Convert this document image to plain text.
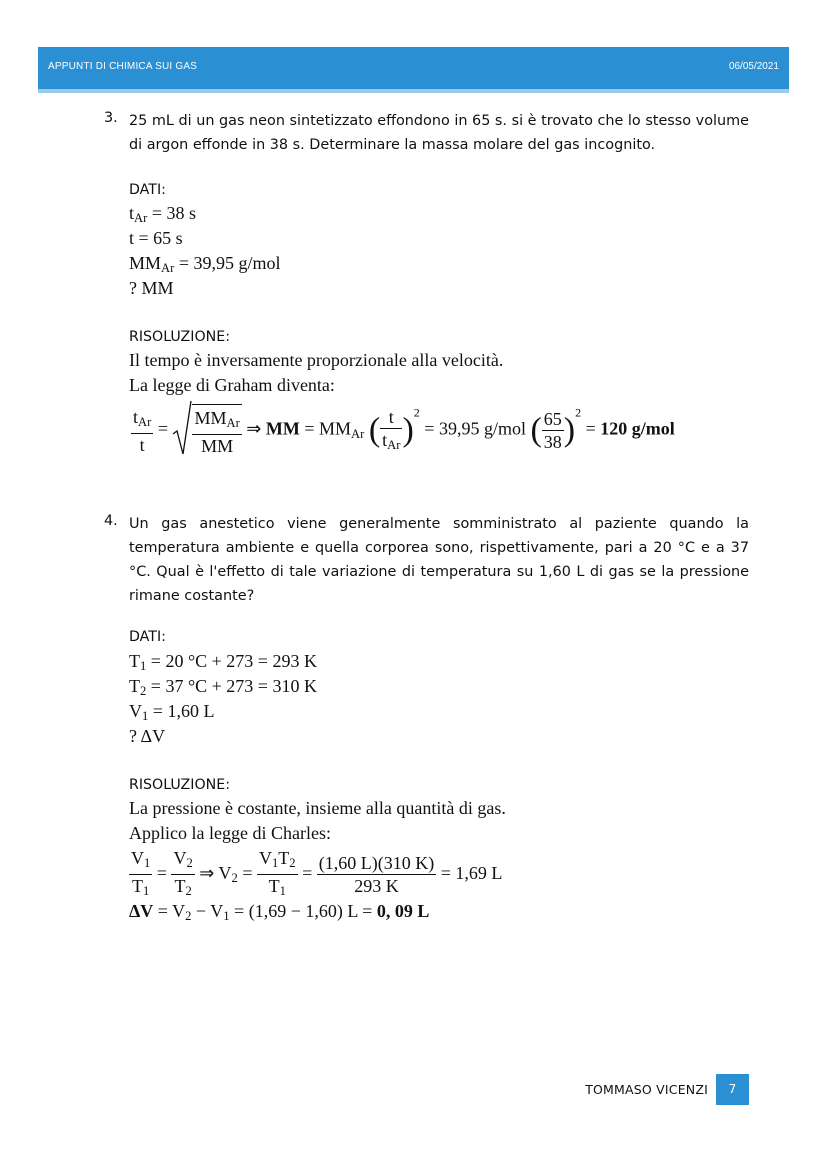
APPUNTI DI CHIMICA SUI GAS	06/05/2021
3. 25 mL di un gas neon sintetizzato effondono in 65 s. si è trovato che lo stesso volume di argon effonde in 38 s. Determinare la massa molare del gas incognito.
DATI:
$t_{Ar} = 38$ s
t = 65 s
$MM_{Ar} = 39,95$ g/mol
? MM
RISOLUZIONE:
Il tempo è inversamente proporzionale alla velocità.
La legge di Graham diventa:
$\frac{t_{Ar}}{t} = \frac{MM_{Ar}}{MM}$ ⇒ MM = $MM_{Ar}$ ( $\frac{t}{t_{Ar}} )^2 = 39,95$ g/mol ( $\frac{65}{38} )^2 = 120$ g/mol
4. Un gas anestetico viene generalmente somministrato al paziente quando la temperatura ambiente e quella corporea sono, rispettivamente, pari a 20 °C e a 37 °C. Qual è l'effetto di tale variazione di temperatura su 1,60 L di gas se la pressione rimane costante?
DATI:
$T_1 = 20$ °C + 273 = 293 K
$T_2 = 37$ °C + 273 = 310 K
$V_1 = 1,60$ L
? ΔV
RISOLUZIONE:
La pressione è costante, insieme alla quantità di gas.
Applico la legge di Charles:
$\frac{V_1}{T_1} = \frac{V_2}{T_2}$ ⇒ $V_2 = \frac{V_1T_2}{T_1} = \frac{(1,60 L)(310 K)}{293 K} = 1,69$ L
$\Delta V = V_2 - V_1 = (1,69 - 1,60) L = 0$, 09 L
TOMMASO VICENZI	7
